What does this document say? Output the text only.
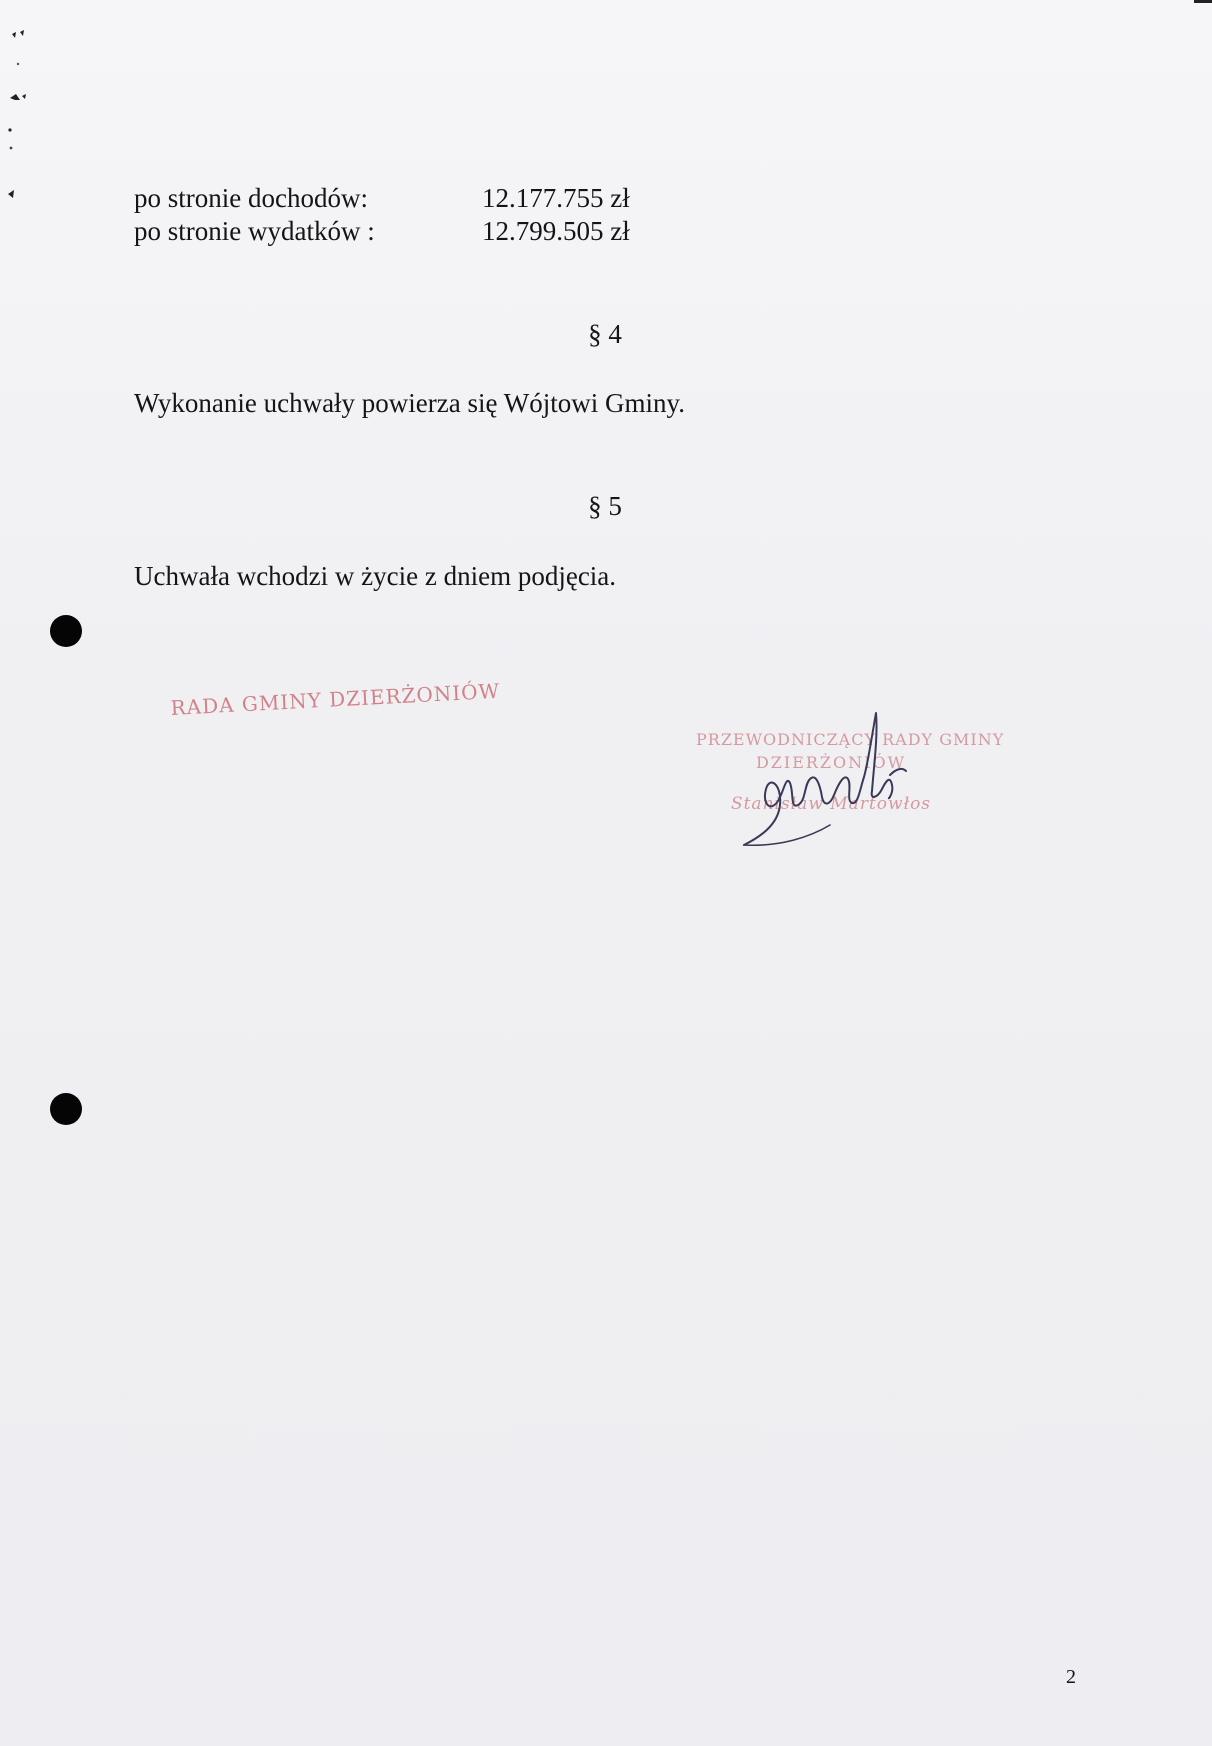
po stronie dochodów:	12.177.755 zł
po stronie wydatków :	12.799.505 zł
§ 4
Wykonanie uchwały powierza się Wójtowi Gminy.
§ 5
Uchwała wchodzi w życie z dniem podjęcia.
RADA GMINY DZIERŻONIÓW
PRZEWODNICZĄCY RADY GMINY
DZIERŻONIÓW
Stanisław Martowłos
2
